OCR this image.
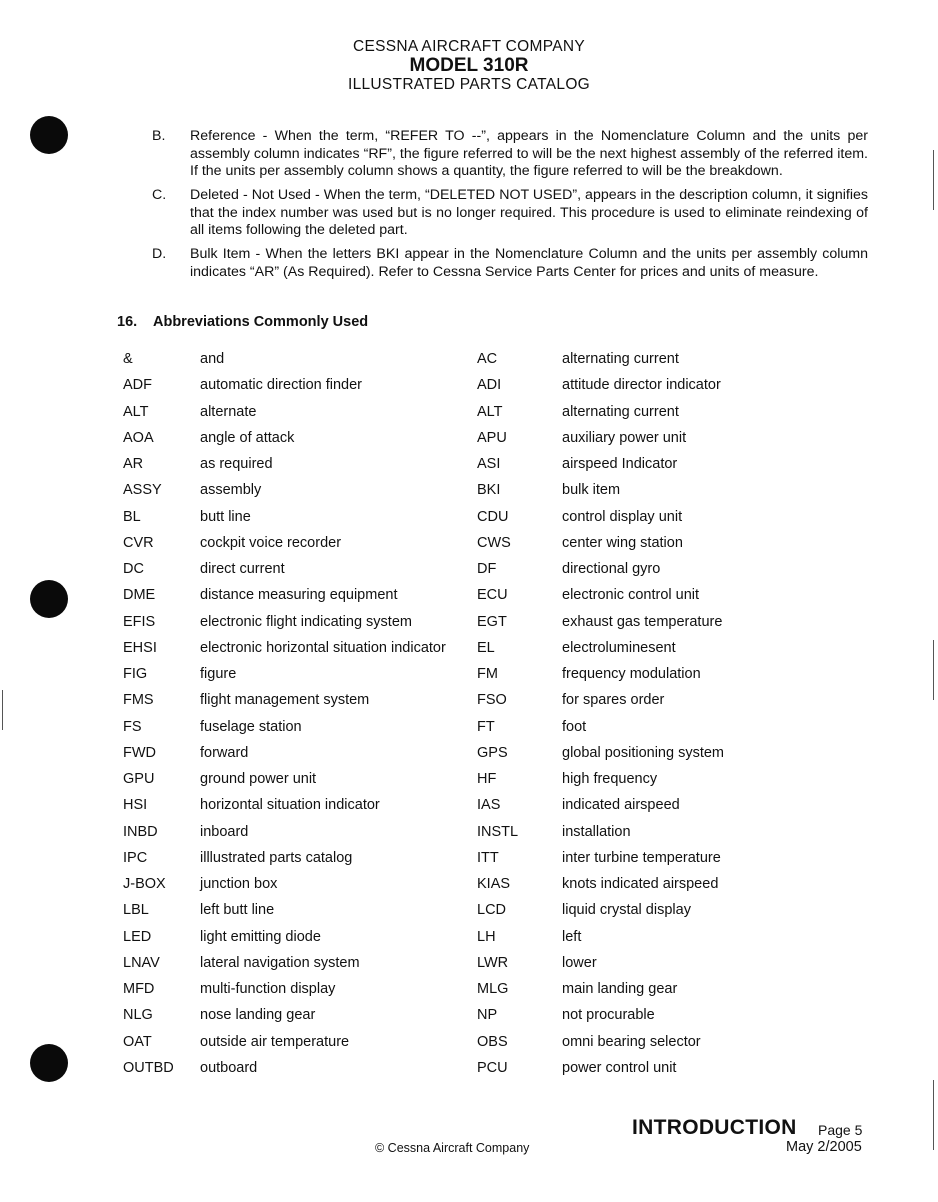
CESSNA AIRCRAFT COMPANY
MODEL 310R
ILLUSTRATED PARTS CATALOG
B. Reference - When the term, “REFER TO --”, appears in the Nomenclature Column and the units per assembly column indicates “RF”, the figure referred to will be the next highest assembly of the referred item. If the units per assembly column shows a quantity, the figure referred to will be the breakdown.
C. Deleted - Not Used - When the term, “DELETED NOT USED”, appears in the description column, it signifies that the index number was used but is no longer required. This procedure is used to eliminate reindexing of all items following the deleted part.
D. Bulk Item - When the letters BKI appear in the Nomenclature Column and the units per assembly column indicates “AR” (As Required). Refer to Cessna Service Parts Center for prices and units of measure.
16. Abbreviations Commonly Used
&	and	AC	alternating current
ADF	automatic direction finder	ADI	attitude director indicator
ALT	alternate	ALT	alternating current
AOA	angle of attack	APU	auxiliary power unit
AR	as required	ASI	airspeed Indicator
ASSY	assembly	BKI	bulk item
BL	butt line	CDU	control display unit
CVR	cockpit voice recorder	CWS	center wing station
DC	direct current	DF	directional gyro
DME	distance measuring equipment	ECU	electronic control unit
EFIS	electronic flight indicating system	EGT	exhaust gas temperature
EHSI	electronic horizontal situation indicator	EL	electroluminesent
FIG	figure	FM	frequency modulation
FMS	flight management system	FSO	for spares order
FS	fuselage station	FT	foot
FWD	forward	GPS	global positioning system
GPU	ground power unit	HF	high frequency
HSI	horizontal situation indicator	IAS	indicated airspeed
INBD	inboard	INSTL	installation
IPC	illlustrated parts catalog	ITT	inter turbine temperature
J-BOX	junction box	KIAS	knots indicated airspeed
LBL	left butt line	LCD	liquid crystal display
LED	light emitting diode	LH	left
LNAV	lateral navigation system	LWR	lower
MFD	multi-function display	MLG	main landing gear
NLG	nose landing gear	NP	not procurable
OAT	outside air temperature	OBS	omni bearing selector
OUTBD	outboard	PCU	power control unit
INTRODUCTION Page 5
May 2/2005
© Cessna Aircraft Company
